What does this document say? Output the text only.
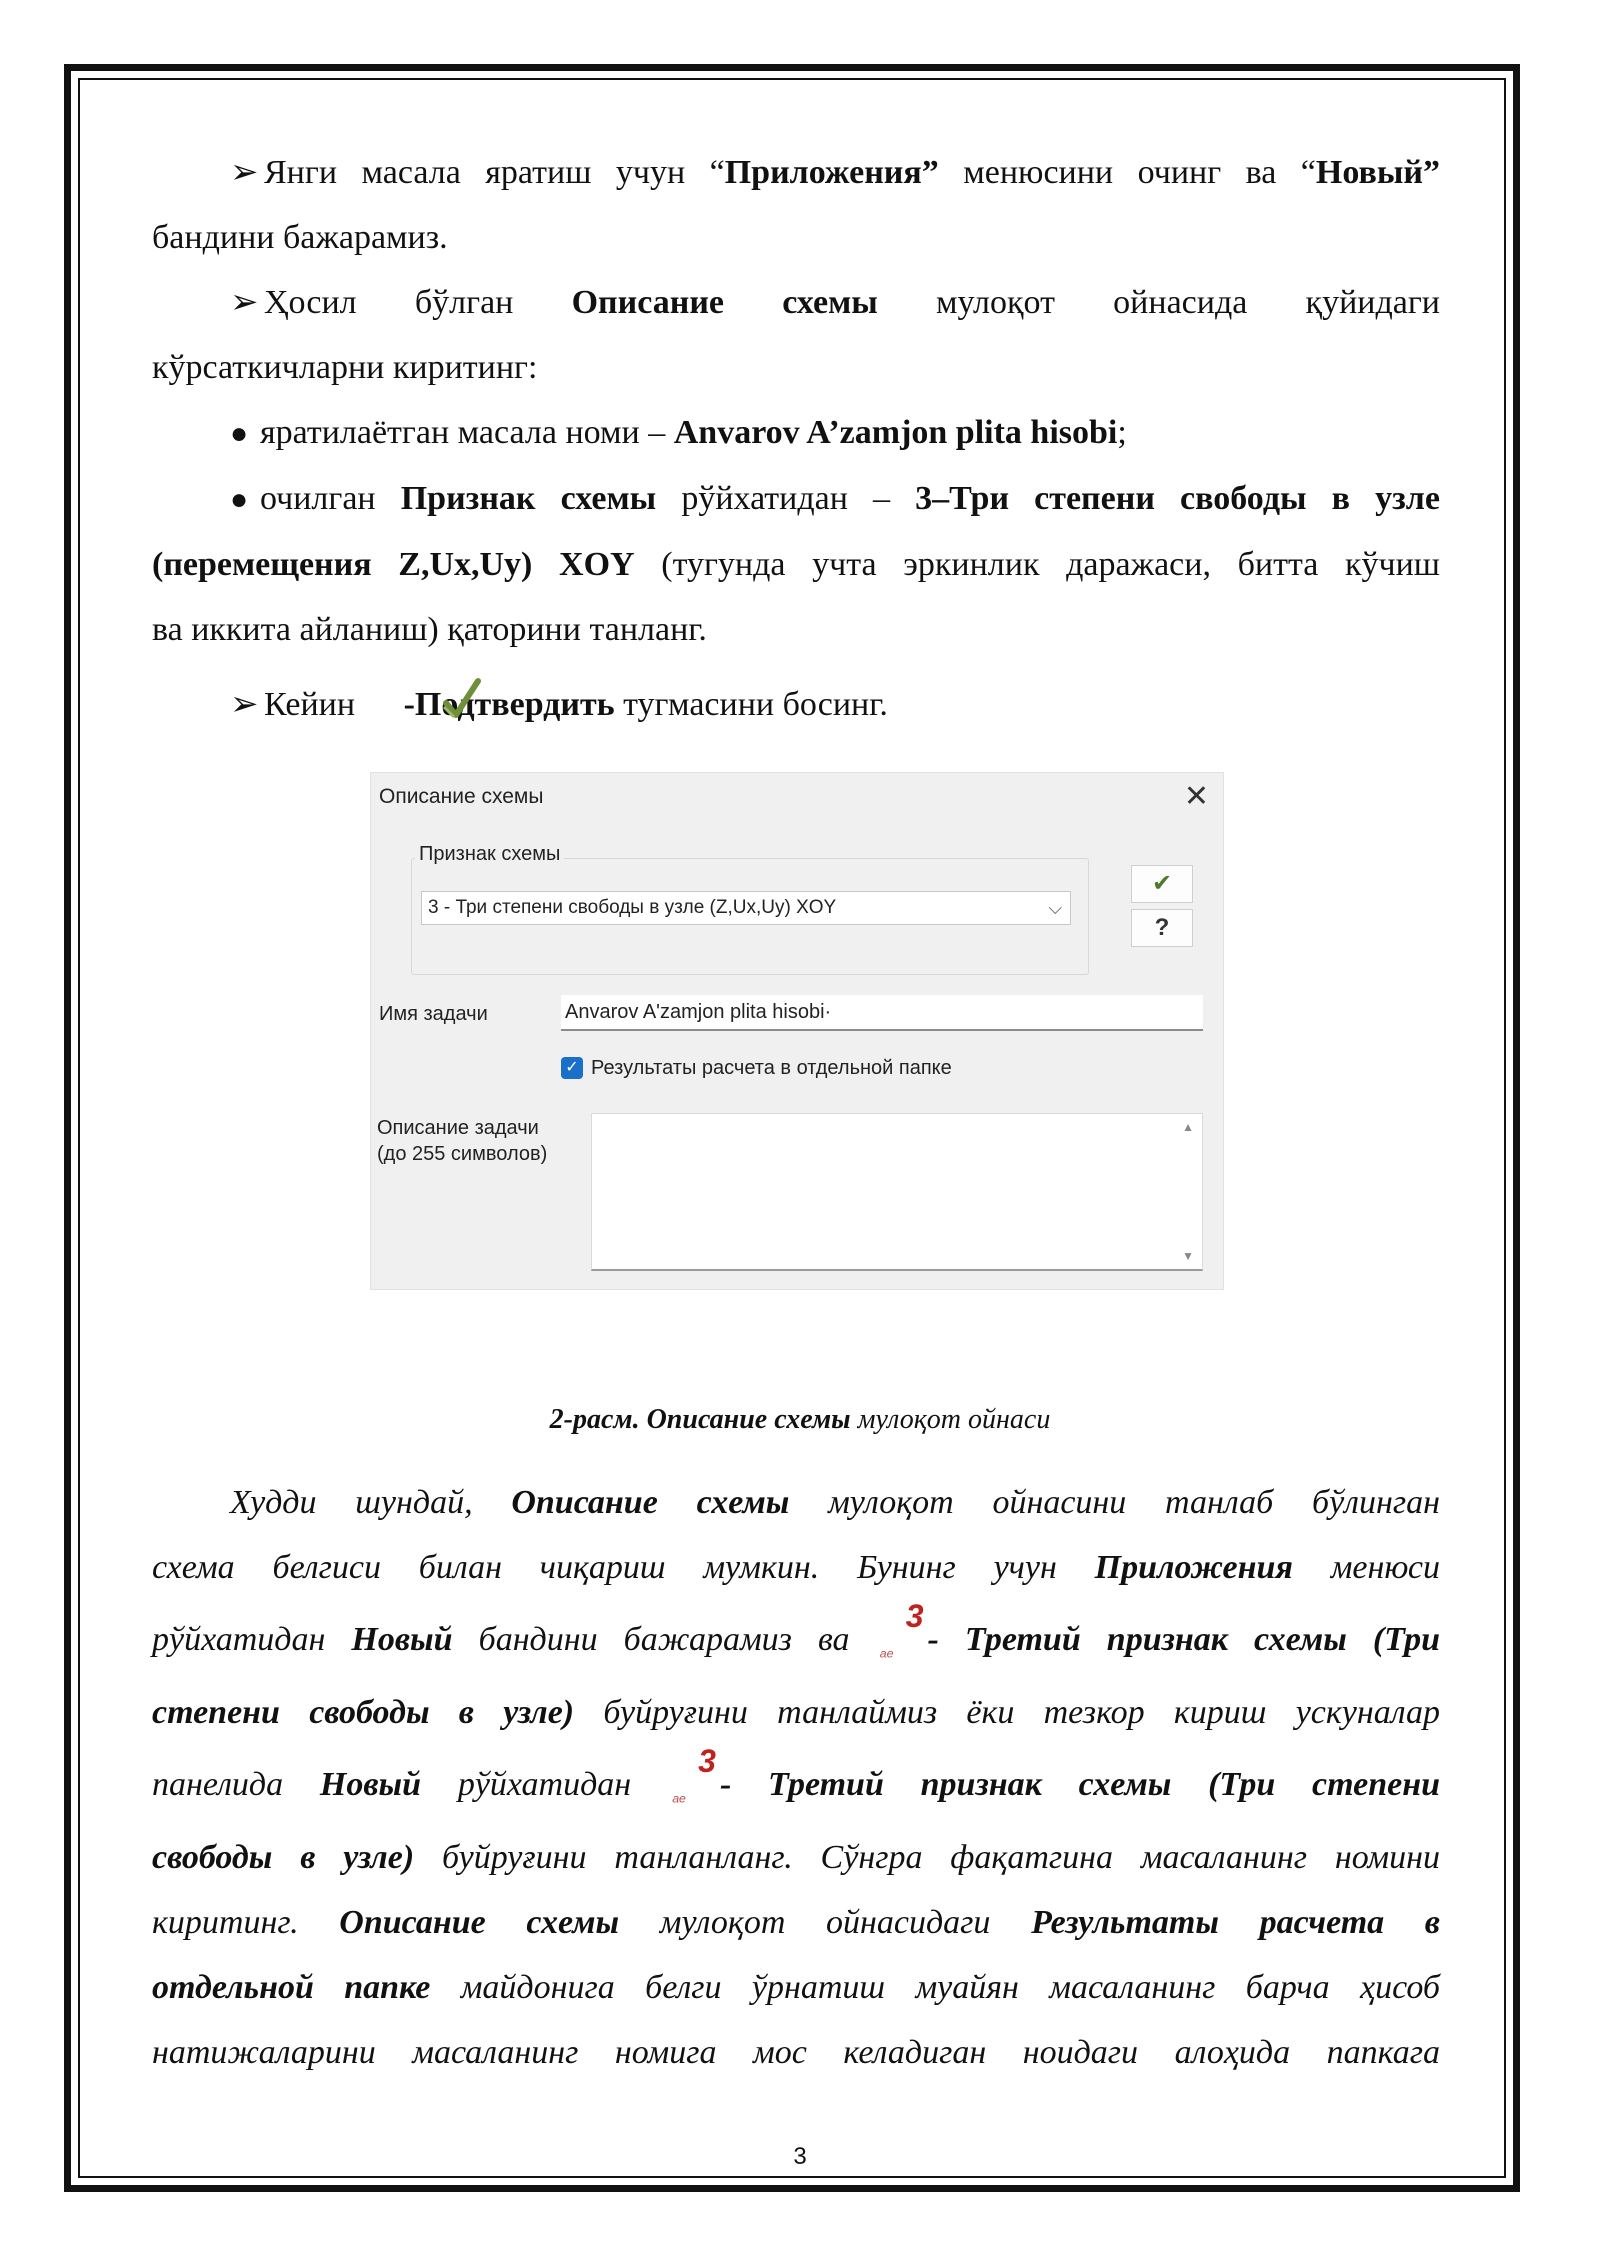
➢ Янги масала яратиш учун “Приложения” менюсини очинг ва “Новый”

бандини бажарамиз.

➢ Ҳосил бўлган Описание схемы мулоқот ойнасида қуйидаги

кўрсаткичларни киритинг:

● яратилаётган масала номи – Anvarov A’zamjon plita hisobi;

● очилган Признак схемы рўйхатидан – 3–Три степени свободы в узле

(перемещения Z,Ux,Uy) XOY (тугунда учта эркинлик даражаси, битта кўчиш

ва иккита айланиш) қаторини танланг.

➢ Кейин -Подтвердить тугмасини босинг.

Описание схемы	✕
Признак схемы
3 - Три степени свободы в узле (Z,Ux,Uy) XOY	⌵
✔
?
Имя задачи	Anvarov A'zamjon plita hisobi·
✓ Результаты расчета в отдельной папке
Описание задачи
(до 255 символов)
▲
▼
2-расм. Описание схемы мулоқот ойнаси

Худди шундай, Описание схемы мулоқот ойнасини танлаб бўлинган

схема белгиси билан чиқариш мумкин. Бунинг учун Приложения менюси

рўйхатидан Новый бандини бажарамиз ва ᵃᵉ
3
- Третий признак схемы (Три

степени свободы в узле) буйруғини танлаймиз ёки тезкор кириш ускуналар

панелида Новый рўйхатидан ᵃᵉ
3
- Третий признак схемы (Три степени

свободы в узле) буйруғини танланланг. Сўнгра фақатгина масаланинг номини

киритинг. Описание схемы мулоқот ойнасидаги Результаты расчета в

отдельной папке майдонига белги ўрнатиш муайян масаланинг барча ҳисоб

натижаларини масаланинг номига мос келадиган ноидаги алоҳида папкага

3
